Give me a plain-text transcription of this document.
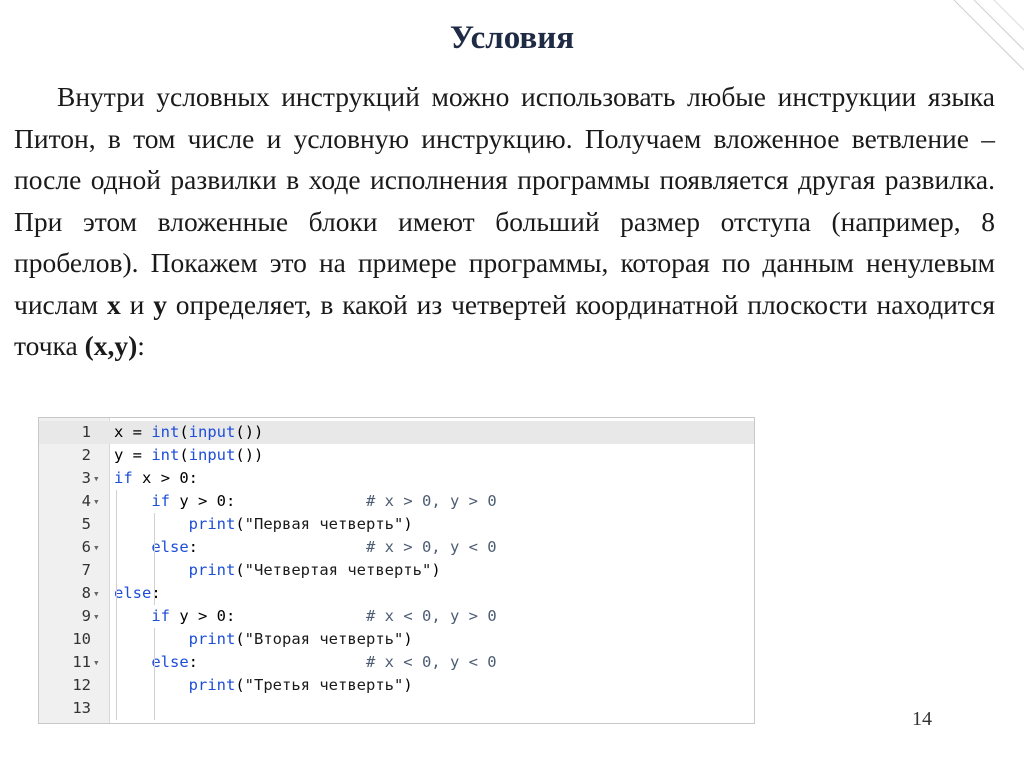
Условия
Внутри условных инструкций можно использовать любые инструкции языка Питон, в том числе и условную инструкцию. Получаем вложенное ветвление – после одной развилки в ходе исполнения программы появляется другая развилка. При этом вложенные блоки имеют больший размер отступа (например, 8 пробелов). Покажем это на примере программы, которая по данным ненулевым числам x и y определяет, в какой из четвертей координатной плоскости находится точка (x,y):
1 x = int(input())
2 y = int(input())
3 ▾ if x > 0:
4 ▾	if y > 0:              # x > 0, y > 0
5	print("Первая четверть")
6 ▾	else:                  # x > 0, y < 0
7	print("Четвертая четверть")
8 ▾ else:
9 ▾	if y > 0:              # x < 0, y > 0
10	print("Вторая четверть")
11 ▾	else:                  # x < 0, y < 0
12	print("Третья четверть")
13	14
